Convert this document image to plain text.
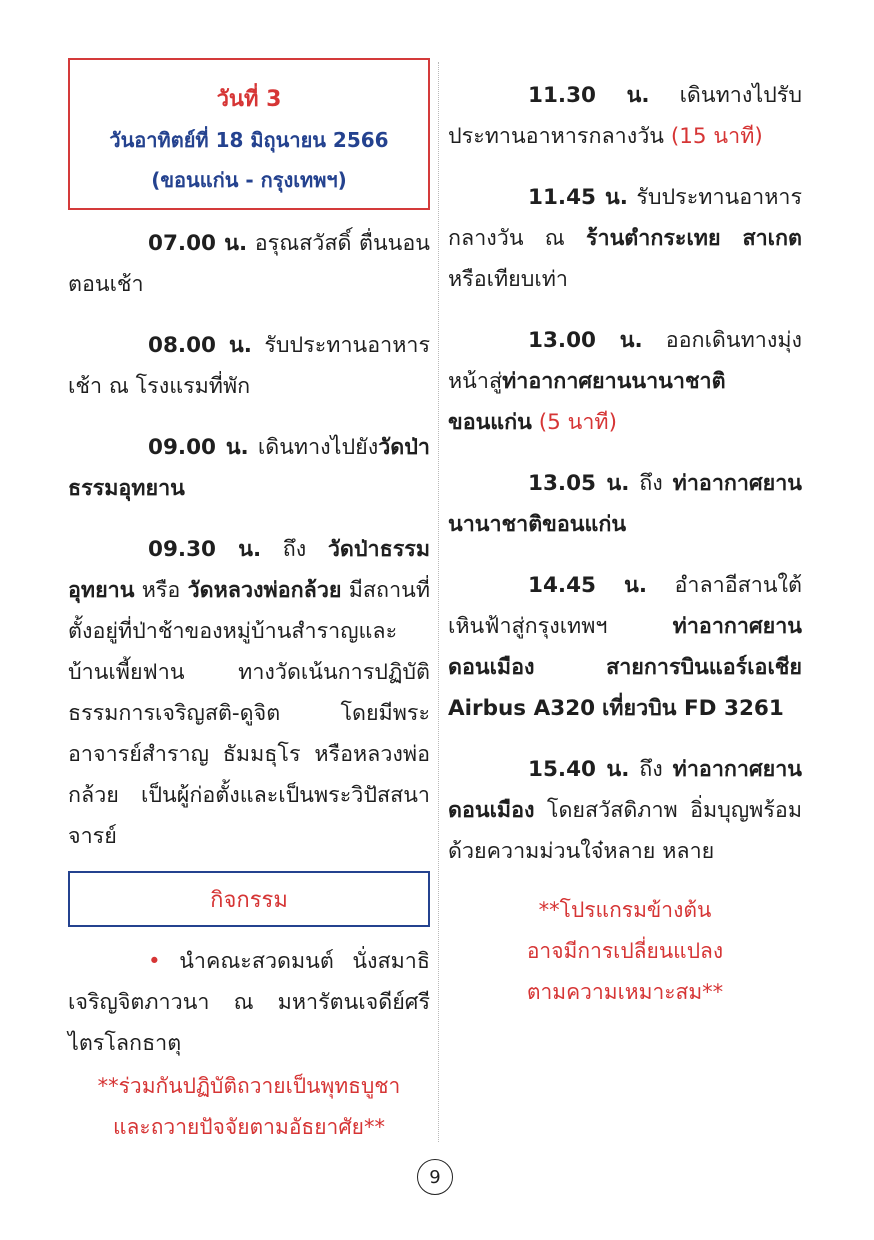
วันที่ 3
วันอาทิตย์ที่ 18 มิถุนายน 2566
(ขอนแก่น - กรุงเทพฯ)

07.00 น. อรุณสวัสดิ์ ตื่นนอนตอนเช้า

08.00 น. รับประทานอาหารเช้า ณ โรงแรมที่พัก

09.00 น. เดินทางไปยังวัดป่าธรรมอุทยาน

09.30 น. ถึง วัดป่าธรรมอุทยาน หรือ วัดหลวงพ่อกล้วย มีสถานที่ตั้งอยู่ที่ป่าช้าของหมู่บ้านสำราญและบ้านเพี้ยฟาน ทางวัดเน้นการปฏิบัติธรรมการเจริญสติ-ดูจิต โดยมีพระอาจารย์สำราญ ธัมมธุโร หรือหลวงพ่อกล้วย เป็นผู้ก่อตั้งและเป็นพระวิปัสสนาจารย์

กิจกรรม

• นำคณะสวดมนต์ นั่งสมาธิเจริญจิตภาวนา ณ มหารัตนเจดีย์ศรีไตรโลกธาตุ

**ร่วมกันปฏิบัติถวายเป็นพุทธบูชา
และถวายปัจจัยตามอัธยาศัย**

11.30 น. เดินทางไปรับประทานอาหารกลางวัน (15 นาที)

11.45 น. รับประทานอาหารกลางวัน ณ ร้านตำกระเทย สาเกต หรือเทียบเท่า

13.00 น. ออกเดินทางมุ่งหน้าสู่ท่าอากาศยานนานาชาติขอนแก่น (5 นาที)

13.05 น. ถึง ท่าอากาศยานนานาชาติขอนแก่น

14.45 น. อำลาอีสานใต้ เหินฟ้าสู่กรุงเทพฯ	ท่าอากาศยานดอนเมือง	สายการบินแอร์เอเชีย Airbus A320 เที่ยวบิน FD 3261

15.40 น. ถึง ท่าอากาศยานดอนเมือง โดยสวัสดิภาพ อิ่มบุญพร้อมด้วยความม่วนใจ๋หลาย หลาย

**โปรแกรมข้างต้น
อาจมีการเปลี่ยนแปลง
ตามความเหมาะสม**
9
